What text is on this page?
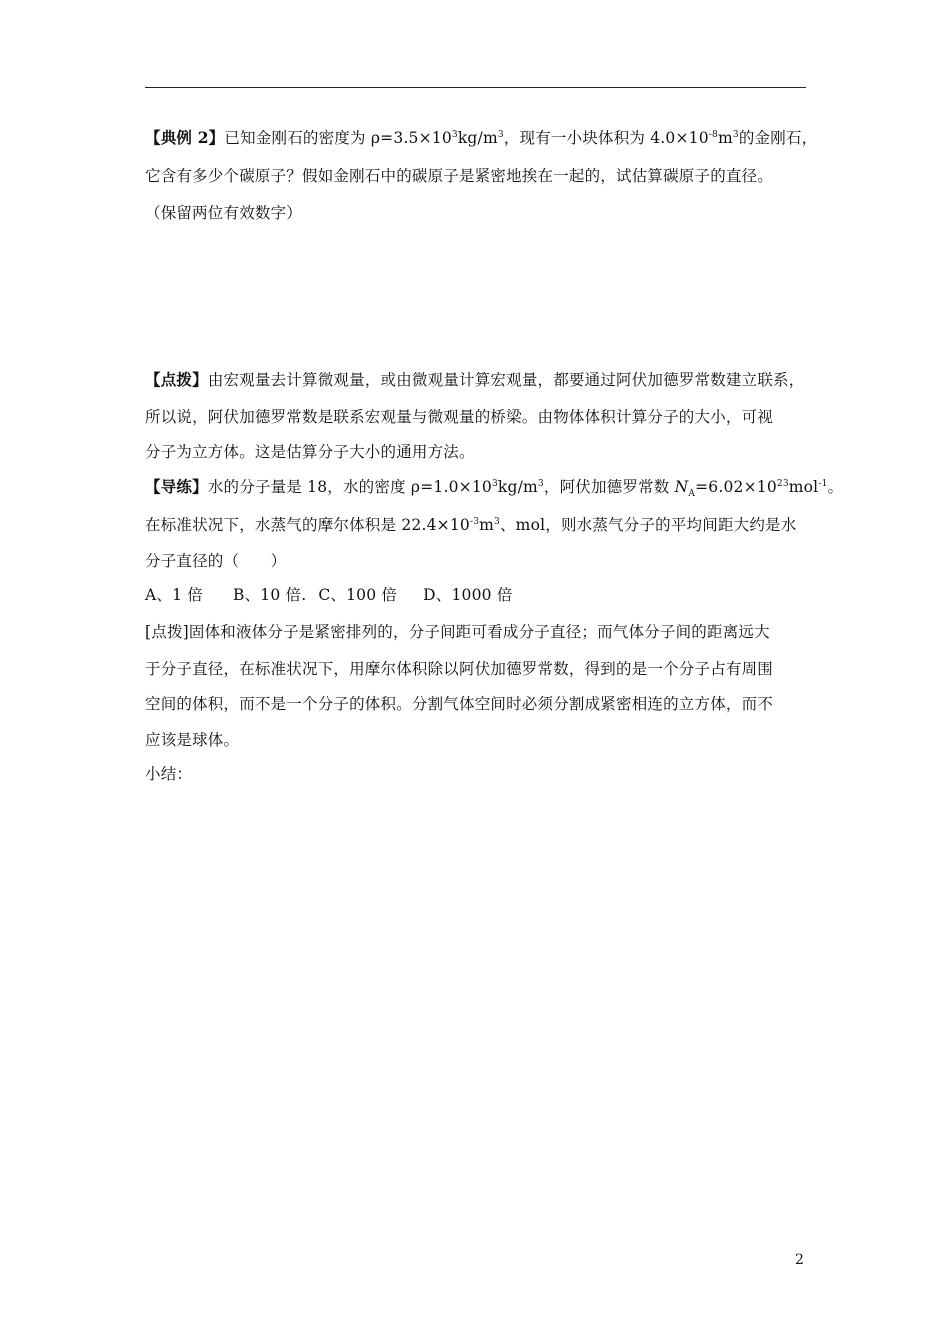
【典例 2】已知金刚石的密度为 $\rho=3.5\times 10^3kg/m^3$，现有一小块体积为 $4.0\times 10^{-8}m^3$的金刚石，
它含有多少个碳原子？假如金刚石中的碳原子是紧密地挨在一起的，试估算碳原子的直径。
（保留两位有效数字）
【点拨】由宏观量去计算微观量，或由微观量计算宏观量，都要通过阿伏加德罗常数建立联系，
所以说，阿伏加德罗常数是联系宏观量与微观量的桥梁。由物体体积计算分子的大小，可视
分子为立方体。这是估算分子大小的通用方法。
【导练】水的分子量是 18，水的密度 $\rho=1.0\times 10^3kg/m^3$，阿伏加德罗常数 $N_A=6.02\times 10^{23}mol^{-1}$。
在标准状况下，水蒸气的摩尔体积是 $22.4\times 10^{-3}m^3$、mol，则水蒸气分子的平均间距大约是水
分子直径的（　　）
A、1 倍 B、10 倍. C、100 倍 D、1000 倍
[点拨]固体和液体分子是紧密排列的，分子间距可看成分子直径；而气体分子间的距离远大
于分子直径，在标准状况下，用摩尔体积除以阿伏加德罗常数，得到的是一个分子占有周围
空间的体积，而不是一个分子的体积。分割气体空间时必须分割成紧密相连的立方体，而不
应该是球体。
小结：
2
